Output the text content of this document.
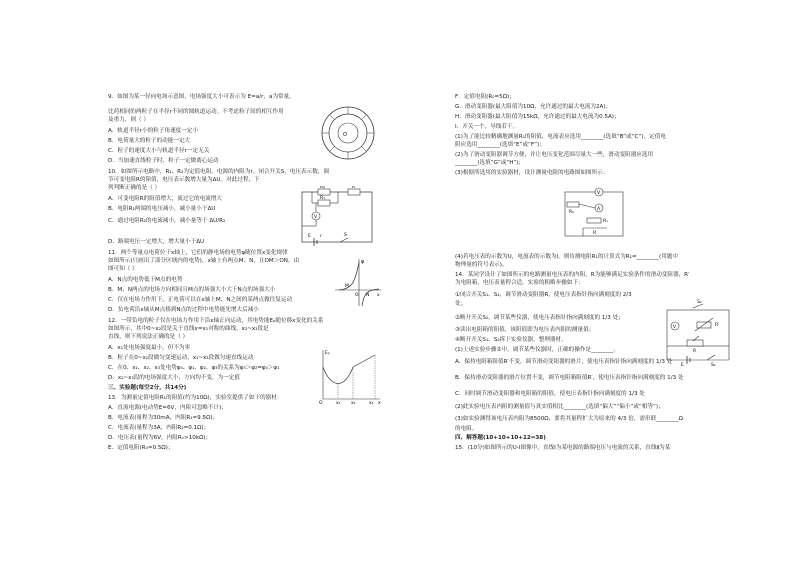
9．如图为某一径向电场示意图，电场强度大小可表示为 E=a/r，a为常量。
比荷相同的两粒子在半径r不同的圆轨道运动。不考虑粒子间的相互作用
及重力，则（ ）
A．轨道半径r小的粒子角速度一定小
B．电荷量大的粒子的动能一定大
C．粒子的速度大小与轨道半径r一定无关
D．当加速直线粒子时，粒子一定做离心运动
10．如图所示电路中，R₁、R₂为定值电阻，电源的内阻为r。闭合开关S，电压表示数，调
节可变电阻R的阻值，电压表示数增大量为ΔU。对此过程，下
列判断正确的是（ ）
A．可变电阻R的阻值增大，流过它的电流增大
B．电阻R₂两端的电压减小，减小量小于ΔU
C．通过电阻R₂的电流减小，减小量等于 ΔU/R₂
D．路端电压一定增大，增大量小于ΔU
11．两个等量点电荷位于x轴上，它们的静电场的电势φ随位置x变化规律
如图所示(只画出了部分区域内的电势)，x轴上有两点M、N，且OM＞ON，由
图可知（ ）
A．N点的电势低于M点的电势
B．M、N两点的电场方向相同且M点的场强大小大于N点的场强大小
C．仅在电场力作用下，正电荷可以在x轴上M、N之间的某两点做往复运动
D．负电荷沿x轴从M点移到N点的过程中电势能先增大后减小
12．一带负电的粒子仅在电场力作用下沿x轴正向运动，其电势能Eₚ随位移x变化的关系
如图所示，其中0~x₂段是关于直线x=x₁对称的曲线，x₂~x₃段是
直线，则下列说法正确的是（ ）
A．x₁处电场强度最小，但不为零
B．粒子在0~x₂段做匀变速运动，x₂~x₃段做匀速直线运动
C．在0、x₁、x₂、x₃处电势φ₀、φ₁、φ₂、φ₃的关系为φ₃＞φ₂=φ₀＞φ₁
D．x₂~x₃段的电场强度大小、方向均不变，为一定值
13．为测量定值电阻R₁的阻值(约为10Ω)，实验室提供了如下的器材：
A．直流电源(电动势E=6V，内阻可忽略不计)；
B．电流表(量程为30mA，内阻R₁=9.5Ω)；
C．电流表(量程为3A，内阻R₂=0.1Ω)；
D．电压表(量程为6V，内阻Rᵥ>10kΩ)；
E．定值电阻(R₀=0.5Ω)；
三、实验题(每空2分，共14分)
F．定值电阻(R₀=5Ω)；
G．滑动变阻器(最大阻值为10Ω，允许通过的最大电流为2A)；
H．滑动变阻器(最大阻值为15kΩ，允许通过的最大电流为0.5A)；
I．开关一个，导线若干。
(1)为了能比较精确地测量R₁的阻值，电流表应选用________(选填“B”或“C”)，定值电
阻应选用________(选填“E”或“F”)；
(2)为了滑动变阻器调节方便，并让电压变化范围尽量大一些，滑动变阻器应选用
________(选填“G”或“H”)；
(3)根据所选用的实验器材，设计测量电阻的电路图如图所示：
(4)若电压表的示数为U，电流表的示数为I，则待测电阻R₁的计算式为R₁=________(用题中
物理量的符号表示)。
14．某同学设计了如图所示的电路测量电压表的内阻，R为能够满足实验条件的滑动变阻器，R′
为电阻箱，电压表量程合适。实验的粗略步骤如下：
①闭合开关S₁、S₂，调节滑动变阻器R，使电压表指针指向满刻度的 2/3
处；
②断开开关S₂，调节某些仪器，使电压表指针指向满刻度的 1/3 处；
③读出电阻箱的阻值，该阻值即为电压表内阻的测量值；
④断开开关S₁、S₂拆下实验仪器，整理器材。
(1)上述实验步骤②中，调节某些仪器时，正确的操作是________。
A．保持电阻箱阻值R′不变，调节滑动变阻器的滑片，使电压表指针指向满刻度的 1/3 处
B．保持滑动变阻器的滑片位置不变，调节电阻箱阻值R′，使电压表指针指向满刻度的 1/3 处
C．同时调节滑动变阻器和电阻箱的阻值，使电压表指针指向满刻度的 1/3 处
(2)此实验电压表内阻的测量值与真实值相比________(选填“偏大”“偏小”或“相等”)；
(3)如实验测得该电压表内阻为8500Ω，要将其量程扩大为原来的 4/3 倍，需串联________Ω
的电阻。
15．(10分)如图所示的U-I图像中，直线Ⅰ为某电源的路端电压与电流的关系，直线Ⅱ为某
四、解答题(10+10+10+12=38)
O
R₂
R₁
R
V
E r	S
φ
O
M
N x
Eₚ
O	x₁ x₂	x₃ x
V
A
R₀
Rₓ
R
S₂
V	R′
R
S₁
E
